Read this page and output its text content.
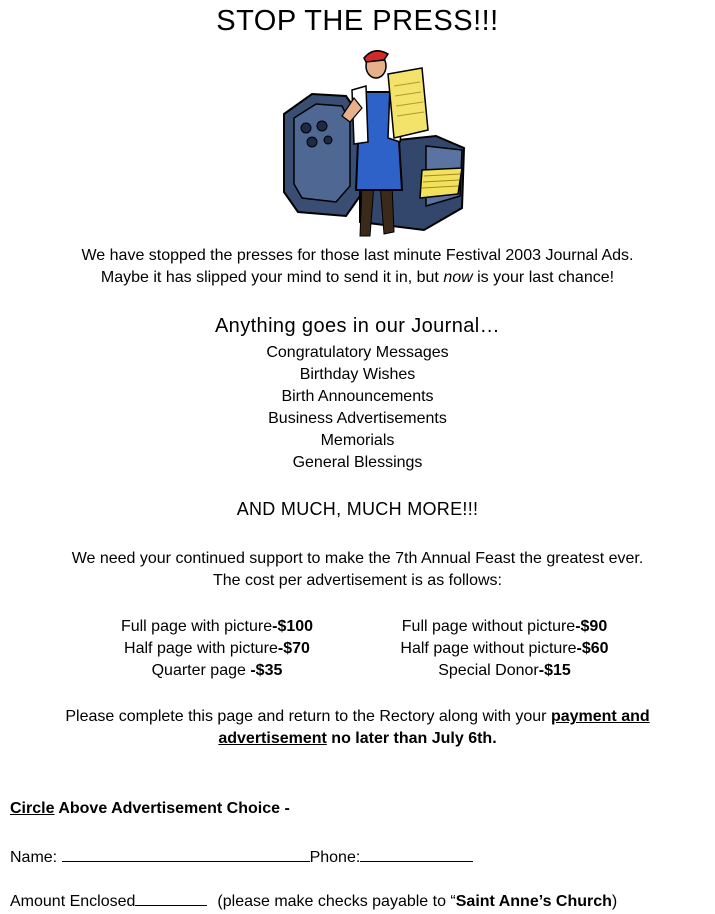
STOP THE PRESS!!!
We have stopped the presses for those last minute Festival 2003 Journal Ads.
Maybe it has slipped your mind to send it in, but now is your last chance!
Anything goes in our Journal…
Congratulatory Messages
Birthday Wishes
Birth Announcements
Business Advertisements
Memorials
General Blessings
AND MUCH, MUCH MORE!!!
We need your continued support to make the 7th Annual Feast the greatest ever.
The cost per advertisement is as follows:
Full page with picture-$100
Half page with picture-$70
Quarter page -$35
Full page without picture-$90
Half page without picture-$60
Special Donor-$15
Please complete this page and return to the Rectory along with your payment and
advertisement no later than July 6th.
Circle Above Advertisement Choice -
Name:	Phone:
Amount Enclosed	(please make checks payable to “Saint Anne’s Church)
